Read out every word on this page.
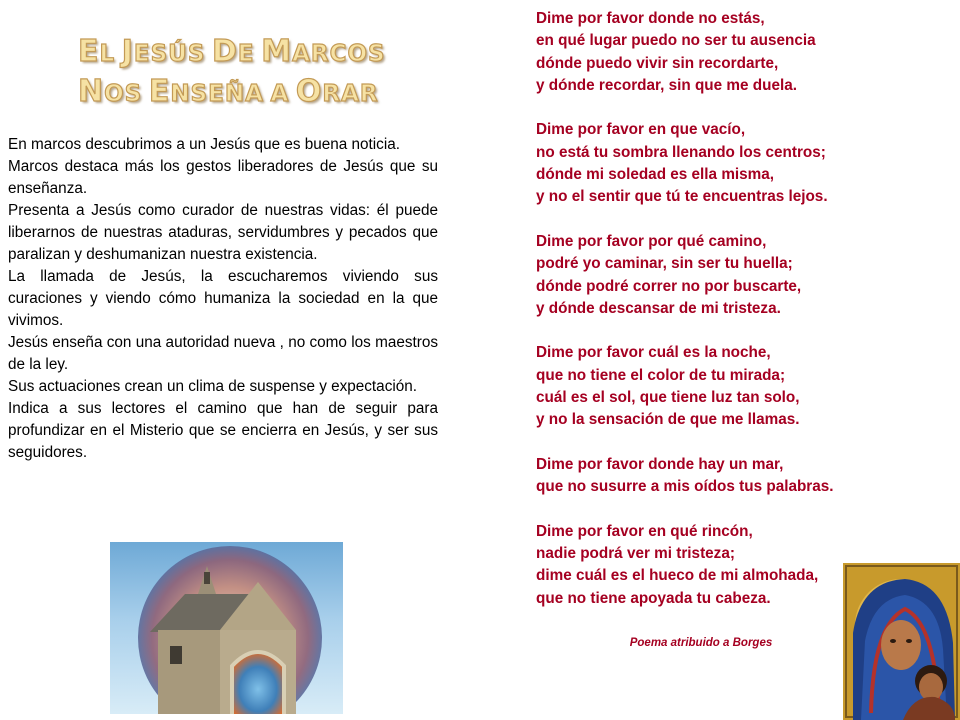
EL JESÚS DE MARCOS
NOS ENSEÑA A ORAR

En marcos descubrimos a un Jesús que es buena noticia.

Marcos destaca más los gestos liberadores de Jesús que su enseñanza.

Presenta a Jesús como curador de nuestras vidas: él puede liberarnos de nuestras ataduras, servidumbres y pecados que paralizan y deshumanizan nuestra existencia.

La llamada de Jesús, la escucharemos viviendo sus curaciones y viendo cómo humaniza la sociedad en la que vivimos.

Jesús enseña con una autoridad nueva , no como los maestros de la ley.

Sus actuaciones crean un clima de suspense y expectación.

Indica a sus lectores el camino que han de seguir para profundizar en el Misterio que se encierra en Jesús, y ser sus seguidores.

Dime por favor donde no estás,
en qué lugar puedo no ser tu ausencia
dónde puedo vivir sin recordarte,
y dónde recordar, sin que me duela.
Dime por favor en que vacío,
no está tu sombra llenando los centros;
dónde mi soledad es ella misma,
y no el sentir que tú te encuentras lejos.
Dime por favor por qué camino,
podré yo caminar, sin ser tu huella;
dónde podré correr no por buscarte,
y dónde descansar de mi tristeza.
Dime por favor cuál es la noche,
que no tiene el color de tu mirada;
cuál es el sol, que tiene luz tan solo,
y no la sensación de que me llamas.
Dime por favor donde hay un mar,
que no susurre a mis oídos tus palabras.
Dime por favor en qué rincón,
nadie podrá ver mi tristeza;
dime cuál es el hueco de mi almohada,
que no tiene apoyada tu cabeza.
Poema atribuido a Borges
